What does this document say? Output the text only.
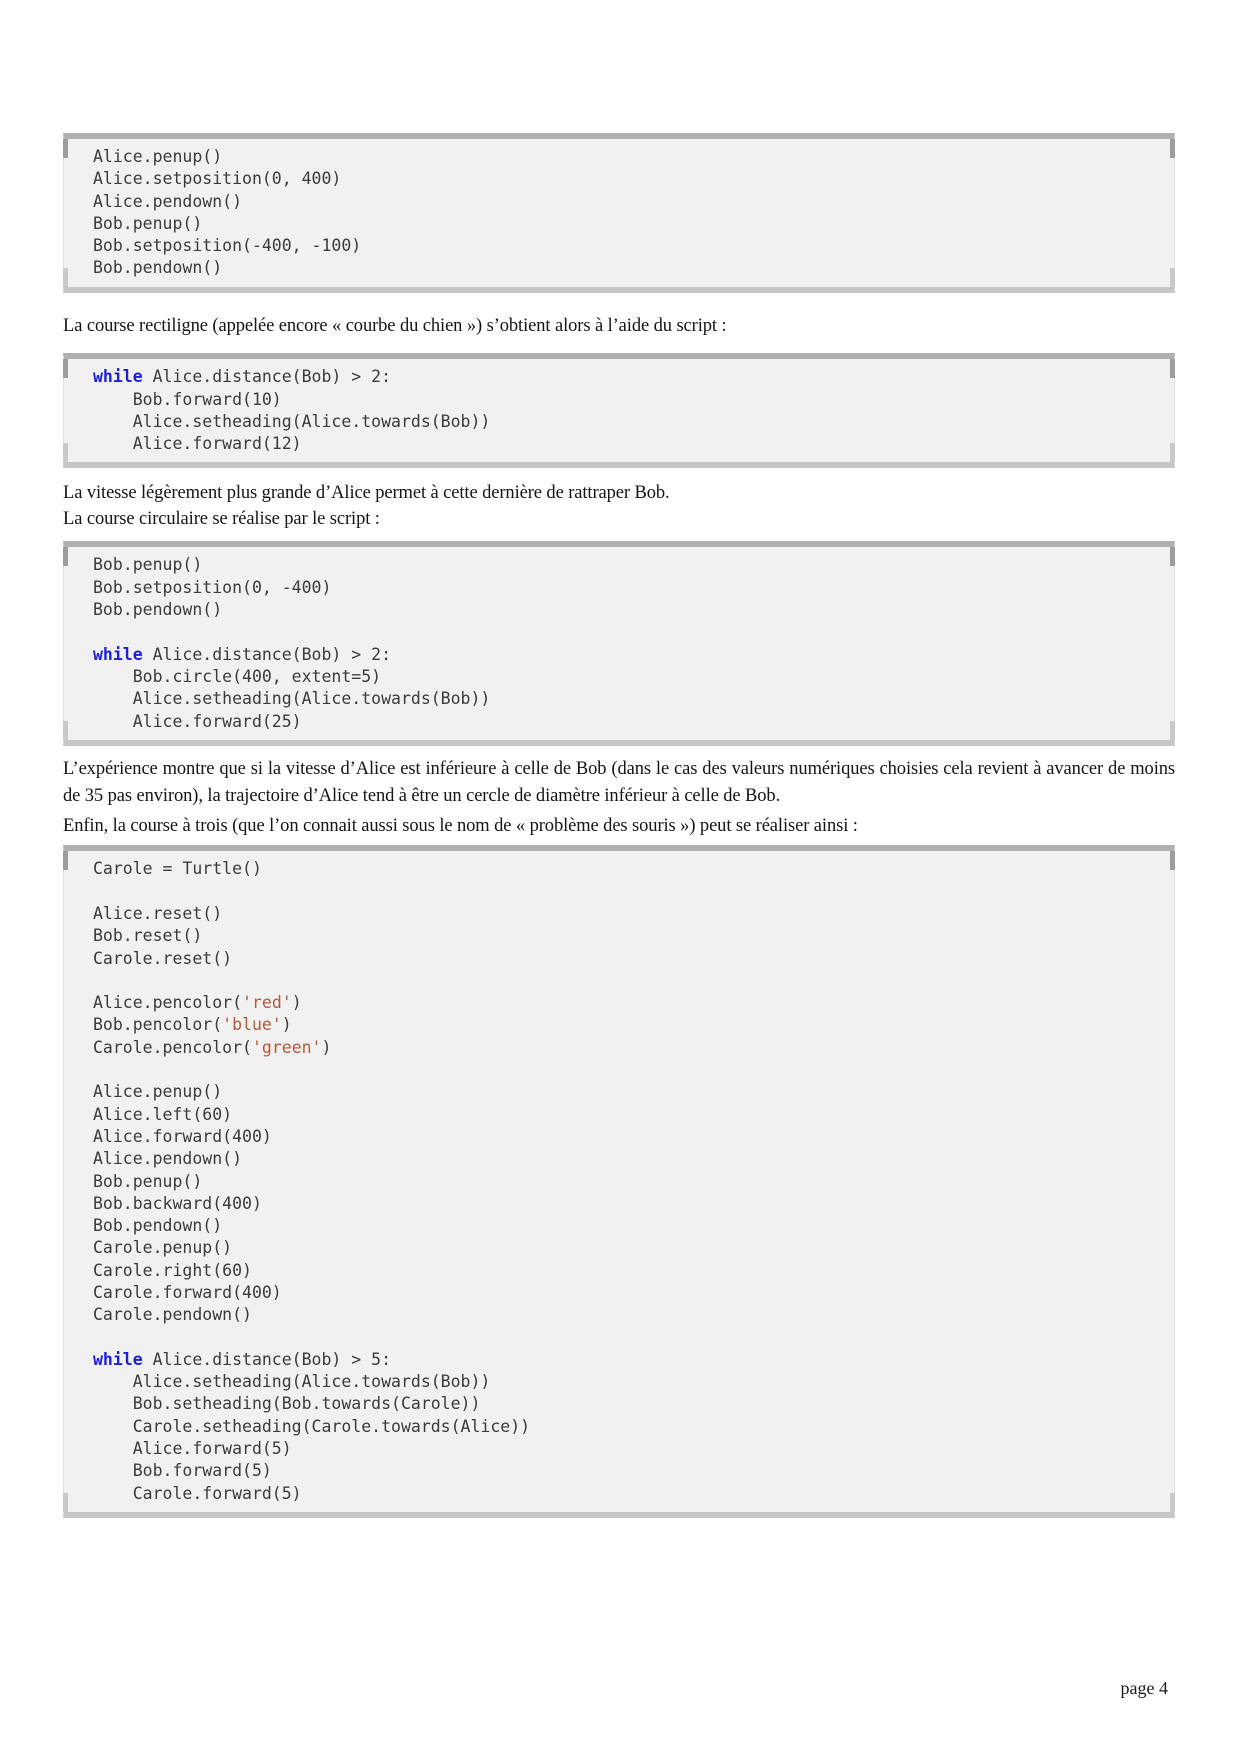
Alice.penup()
Alice.setposition(0, 400)
Alice.pendown()
Bob.penup()
Bob.setposition(-400, -100)
Bob.pendown()

La course rectiligne (appelée encore « courbe du chien ») s’obtient alors à l’aide du script :

while Alice.distance(Bob) > 2:
Bob.forward(10)
Alice.setheading(Alice.towards(Bob))
Alice.forward(12)

La vitesse légèrement plus grande d’Alice permet à cette dernière de rattraper Bob.

La course circulaire se réalise par le script :

Bob.penup()
Bob.setposition(0, -400)
Bob.pendown()

while Alice.distance(Bob) > 2:
Bob.circle(400, extent=5)
Alice.setheading(Alice.towards(Bob))
Alice.forward(25)

L’expérience montre que si la vitesse d’Alice est inférieure à celle de Bob (dans le cas des valeurs numériques choisies cela revient à avancer de moins de 35 pas environ), la trajectoire d’Alice tend à être un cercle de diamètre inférieur à celle de Bob.

Enfin, la course à trois (que l’on connait aussi sous le nom de « problème des souris ») peut se réaliser ainsi :

Carole = Turtle()

Alice.reset()
Bob.reset()
Carole.reset()

Alice.pencolor('red')
Bob.pencolor('blue')
Carole.pencolor('green')

Alice.penup()
Alice.left(60)
Alice.forward(400)
Alice.pendown()
Bob.penup()
Bob.backward(400)
Bob.pendown()
Carole.penup()
Carole.right(60)
Carole.forward(400)
Carole.pendown()

while Alice.distance(Bob) > 5:
Alice.setheading(Alice.towards(Bob))
Bob.setheading(Bob.towards(Carole))
Carole.setheading(Carole.towards(Alice))
Alice.forward(5)
Bob.forward(5)
Carole.forward(5)
page 4
